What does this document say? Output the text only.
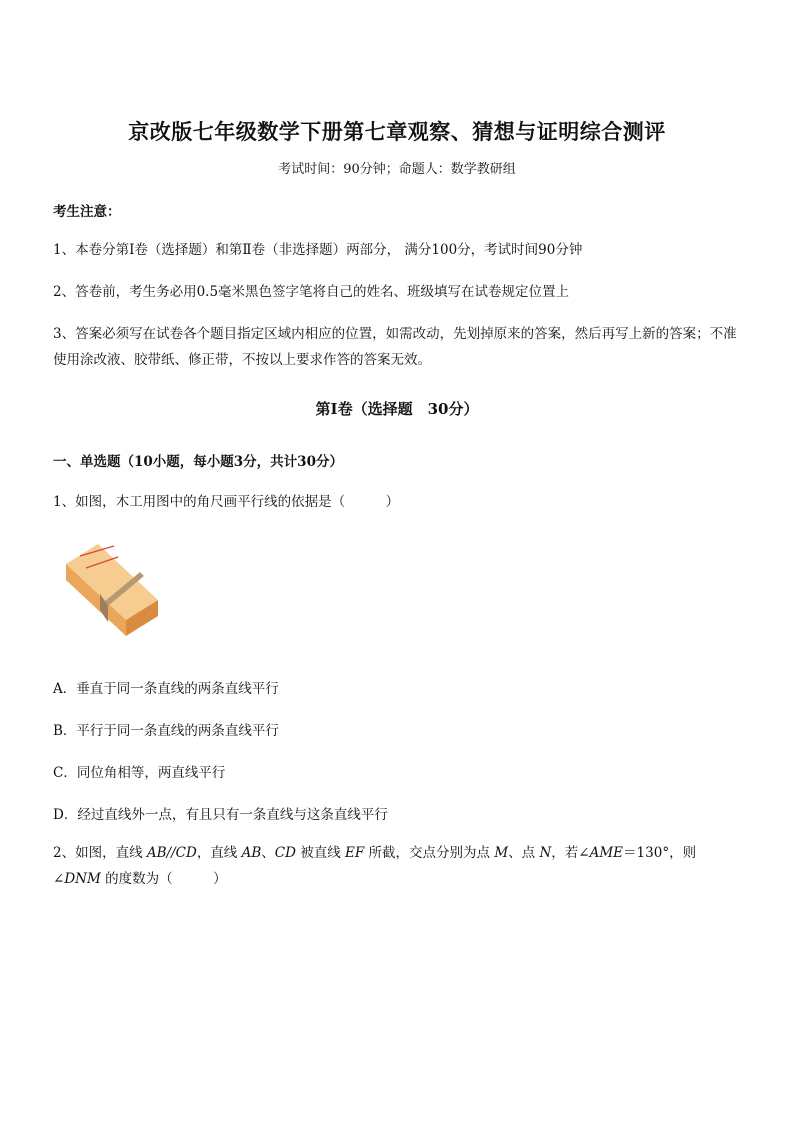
京改版七年级数学下册第七章观察、猜想与证明综合测评
考试时间：90分钟；命题人：数学教研组
考生注意：
1、本卷分第Ⅰ卷（选择题）和第Ⅱ卷（非选择题）两部分， 满分100分，考试时间90分钟
2、答卷前，考生务必用0.5毫米黑色签字笔将自己的姓名、班级填写在试卷规定位置上
3、答案必须写在试卷各个题目指定区域内相应的位置，如需改动，先划掉原来的答案，然后再写上新的答案；不准使用涂改液、胶带纸、修正带，不按以上要求作答的答案无效。
第Ⅰ卷（选择题　30分）
一、单选题（10小题，每小题3分，共计30分）
1、如图，木工用图中的角尺画平行线的依据是（　　　）
A．垂直于同一条直线的两条直线平行
B．平行于同一条直线的两条直线平行
C．同位角相等，两直线平行
D．经过直线外一点，有且只有一条直线与这条直线平行
2、如图，直线 AB//CD，直线 AB、CD 被直线 EF 所截，交点分别为点 M、点 N，若∠AME＝130°，则
∠DNM 的度数为（　　　）
